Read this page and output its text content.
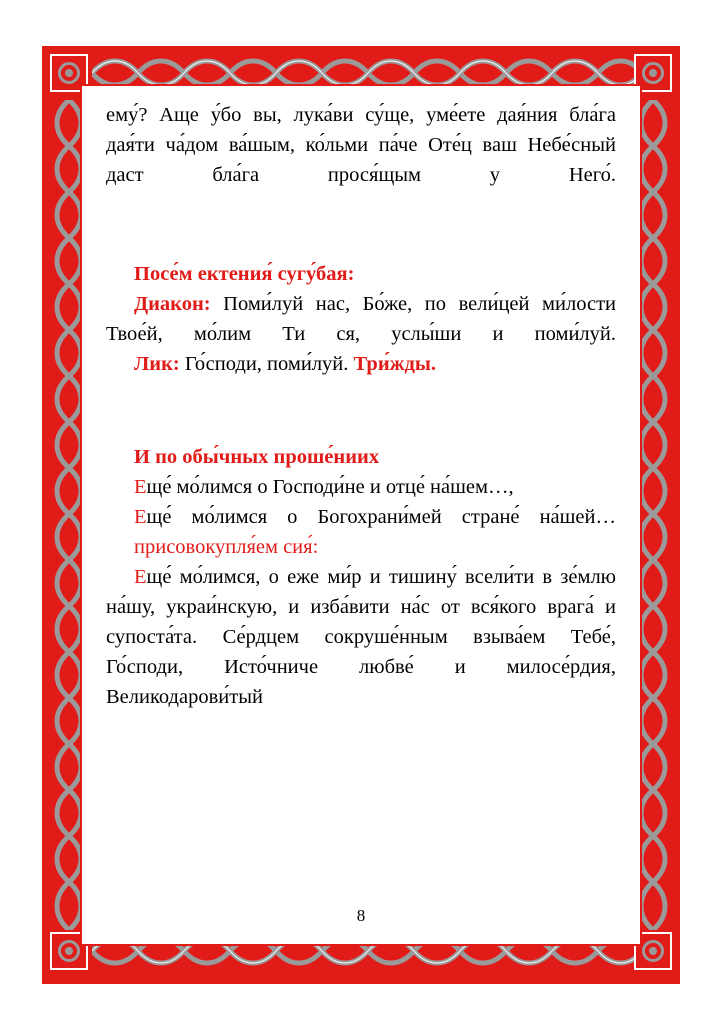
ему́? Аще у́бо вы, лука́ви су́ще, уме́ете дая́ния бла́га дая́ти ча́дом ва́шым, ко́льми па́че Оте́ц ваш Небе́сный даст бла́га прося́щым у Него́.

Посе́м ектения́ сугу́бая:

Диакон: Поми́луй нас, Бо́же, по вели́цей ми́лости Твое́й, мо́лим Ти ся, услы́ши и поми́луй.

Лик: Го́споди, поми́луй. Три́жды.

И по обы́чных проше́ниих

Еще́ мо́лимся о Господи́не и отце́ на́шем…,

Еще́ мо́лимся о Богохрани́мей стране́ на́шей…

присовокупля́ем сия́:

Еще́ мо́лимся, о еже ми́р и тишину́ всели́ти в зе́млю на́шу, украи́нскую, и изба́вити на́с от вся́кого врага́ и супоста́та. Се́рдцем сокруше́нным взыва́ем Тебе́, Го́споди, Исто́чниче любве́ и милосе́рдия, Великодарови́тый

8
